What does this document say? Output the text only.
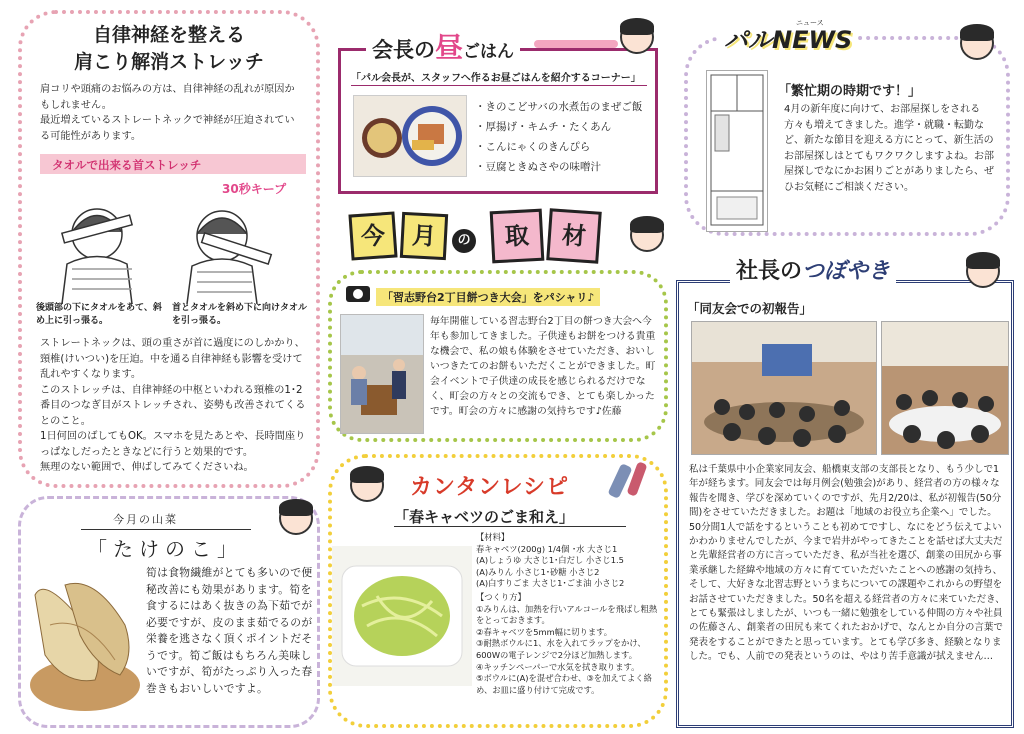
自律神経を整える
肩こり解消ストレッチ
肩コリや頭痛のお悩みの方は、自律神経の乱れが原因かもしれません。
最近増えているストレートネックで神経が圧迫されている可能性があります。
タオルで出来る首ストレッチ
30秒キープ
後頭部の下にタオルをあて、斜め上に引っ張る。
首とタオルを斜め下に向けタオルを引っ張る。
ストレートネックは、頭の重さが首に過度にのしかかり、頸椎(けいつい)を圧迫。中を通る自律神経も影響を受けて乱れやすくなります。
このストレッチは、自律神経の中枢といわれる頸椎の1･2番目のつなぎ目がストレッチされ、姿勢も改善されてくるとのこと。
1日何回のばしてもOK。スマホを見たあとや、長時間座りっぱなしだったときなどに行うと効果的です。
無理のない範囲で、伸ばしてみてくださいね。
今月の山菜
「たけのこ」
筍は食物繊維がとても多いので便秘改善にも効果があります。筍を食するにはあく抜きの為下茹でが必要ですが、皮のまま茹でるのが栄養を逃さなく頂くポイントだそうです。筍ご飯はもちろん美味しいですが、筍がたっぷり入った春巻きもおいしいですよ。
「パル会長が、スタッフへ作るお昼ごはんを紹介するコーナー」
・きのこどサバの水煮缶のまぜご飯
・厚揚げ・キムチ・たくあん
・こんにゃくのきんぴら
・豆腐ときぬさやの味噌汁
会長の昼ごはん
今 月 の 取 材
「習志野台2丁目餅つき大会」をパシャリ♪
毎年開催している習志野台2丁目の餅つき大会へ今年も参加してきました。子供達もお餅をつける貴重な機会で、私の娘も体験をさせていただき、おいしいつきたてのお餅もいただくことができました。町会イベントで子供達の成長を感じられるだけでなく、町会の方々との交流もでき、とても楽しかったです。町会の方々に感謝の気持ちです♪佐藤
カンタンレシピ
「春キャベツのごま和え」
【材料】
春キャベツ(200g) 1/4個 ･水 大さじ1
(A)しょうゆ 大さじ1･白だし 小さじ1.5
(A)みりん 小さじ1･砂糖 小さじ2
(A)白すりごま 大さじ1･ごま油 小さじ2
【つくり方】
①みりんは、加熱を行いアルコールを飛ばし粗熱をとっておきます。
②春キャベツを5mm幅に切ります。
③耐熱ボウルに1、水を入れてラップをかけ、600Wの電子レンジで2分ほど加熱します。
④キッチンペーパーで水気を拭き取ります。
⑤ボウルに(A)を混ぜ合わせ、③を加えてよく絡め、お皿に盛り付けて完成です。
「繁忙期の時期です！」
4月の新年度に向けて、お部屋探しをされる方々も増えてきました。進学・就職・転勤など、新たな節目を迎える方にとって、新生活のお部屋探しはとてもワクワクしますよね。お部屋探しでなにかお困りごとがありましたら、ぜひお気軽にご相談ください。
ニュース
パルNEWS
「同友会での初報告」
私は千葉県中小企業家同友会、船橋東支部の支部長となり、もう少しで1年が経ちます。同友会では毎月例会(勉強会)があり、経営者の方の様々な報告を聞き、学びを深めていくのですが、先月2/20は、私が初報告(50分間)をさせていただきました。お題は「地域のお役立ち企業へ」でした。50分間1人で話をするということも初めてですし、なにをどう伝えてよいかわかりませんでしたが、今まで岩井がやってきたことを話せば大丈夫だと先輩経営者の方に言っていただき、私が当社を選び、創業の田尻から事業承継した経緯や地域の方々に育てていただいたことへの感謝の気持ち、そして、大好きな北習志野というまちについての課題やこれからの野望をお話させていただきました。50名を超える経営者の方々に来ていただき、とても緊張はしましたが、いつも一緒に勉強をしている仲間の方々や社員の佐藤さん、創業者の田尻も来てくれたおかげで、なんとか自分の言葉で発表をすることができたと思っています。とても学び多き、経験となりました。でも、人前での発表というのは、やはり苦手意識が拭えません…
社長のつぼやき
